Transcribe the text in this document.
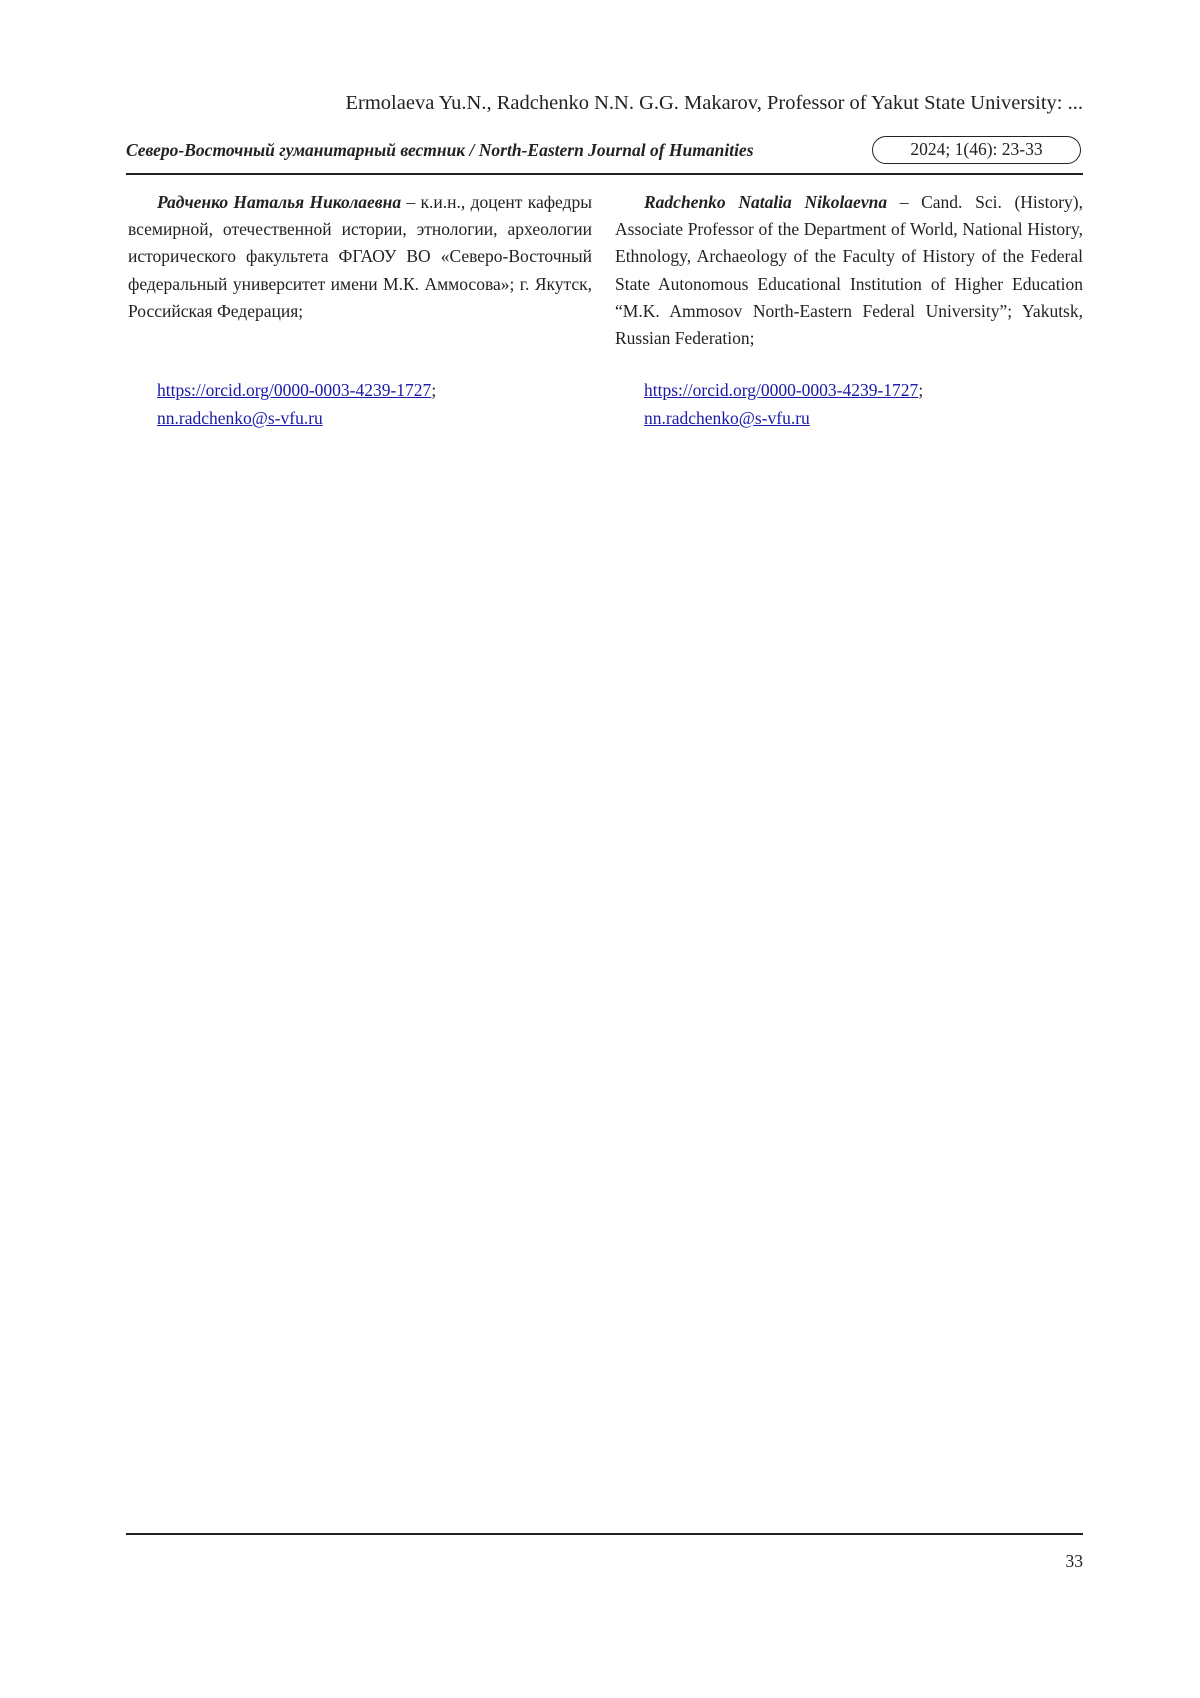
Ermolaeva Yu.N., Radchenko N.N. G.G. Makarov, Professor of Yakut State University: ...
Северо-Восточный гуманитарный вестник / North-Eastern Journal of Humanities	2024; 1(46): 23-33
Радченко Наталья Николаевна – к.и.н., доцент кафедры всемирной, отечественной истории, этнологии, археологии исторического факультета ФГАОУ ВО «Северо-Восточный федеральный университет имени М.К. Аммосова»; г. Якутск, Российская Федерация;
Radchenko Natalia Nikolaevna – Cand. Sci. (History), Associate Professor of the Department of World, National History, Ethnology, Archaeology of the Faculty of History of the Federal State Autonomous Educational Institution of Higher Education “M.K. Ammosov North-Eastern Federal University”; Yakutsk, Russian Federation;
https://orcid.org/0000-0003-4239-1727;
nn.radchenko@s-vfu.ru
https://orcid.org/0000-0003-4239-1727;
nn.radchenko@s-vfu.ru
33
